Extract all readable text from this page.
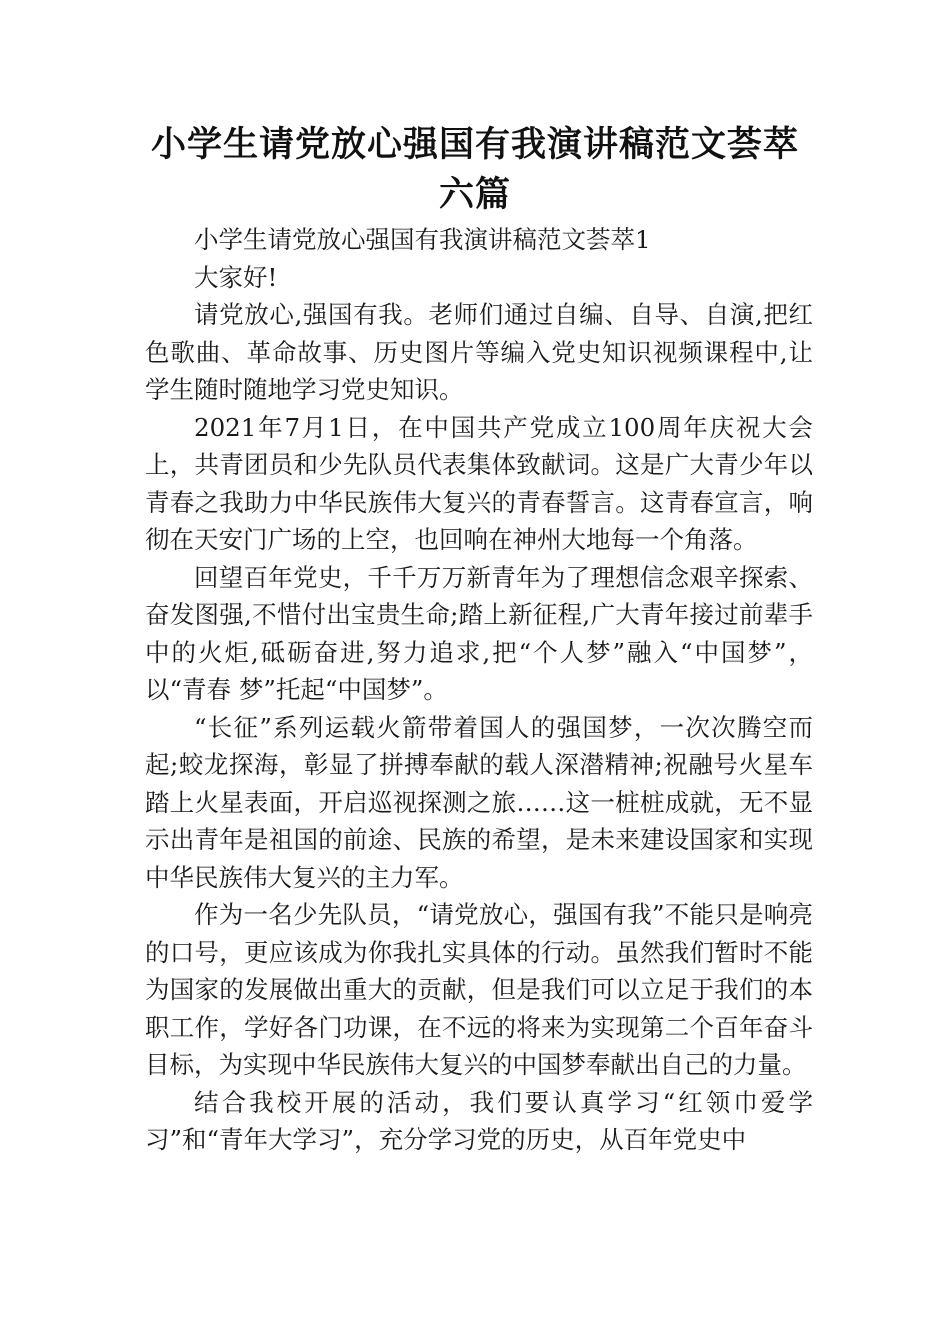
小学生请党放心强国有我演讲稿范文荟萃六篇

小学生请党放心强国有我演讲稿范文荟萃1

大家好!

请党放心,强国有我。老师们通过自编、自导、自演,把红色歌曲、革命故事、历史图片等编入党史知识视频课程中,让学生随时随地学习党史知识。

2021年7月1日，在中国共产党成立100周年庆祝大会上，共青团员和少先队员代表集体致献词。这是广大青少年以青春之我助力中华民族伟大复兴的青春誓言。这青春宣言，响彻在天安门广场的上空，也回响在神州大地每一个角落。

回望百年党史，千千万万新青年为了理想信念艰辛探索、奋发图强,不惜付出宝贵生命;踏上新征程,广大青年接过前辈手中的火炬,砥砺奋进,努力追求,把“个人梦”融入“中国梦”，以“青春 梦”托起“中国梦”。

“长征”系列运载火箭带着国人的强国梦，一次次腾空而起;蛟龙探海，彰显了拼搏奉献的载人深潜精神;祝融号火星车踏上火星表面，开启巡视探测之旅……这一桩桩成就，无不显示出青年是祖国的前途、民族的希望，是未来建设国家和实现中华民族伟大复兴的主力军。

作为一名少先队员，“请党放心，强国有我”不能只是响亮的口号，更应该成为你我扎实具体的行动。虽然我们暂时不能为国家的发展做出重大的贡献，但是我们可以立足于我们的本职工作，学好各门功课，在不远的将来为实现第二个百年奋斗目标，为实现中华民族伟大复兴的中国梦奉献出自己的力量。

结合我校开展的活动，我们要认真学习“红领巾爱学习”和“青年大学习”，充分学习党的历史，从百年党史中
